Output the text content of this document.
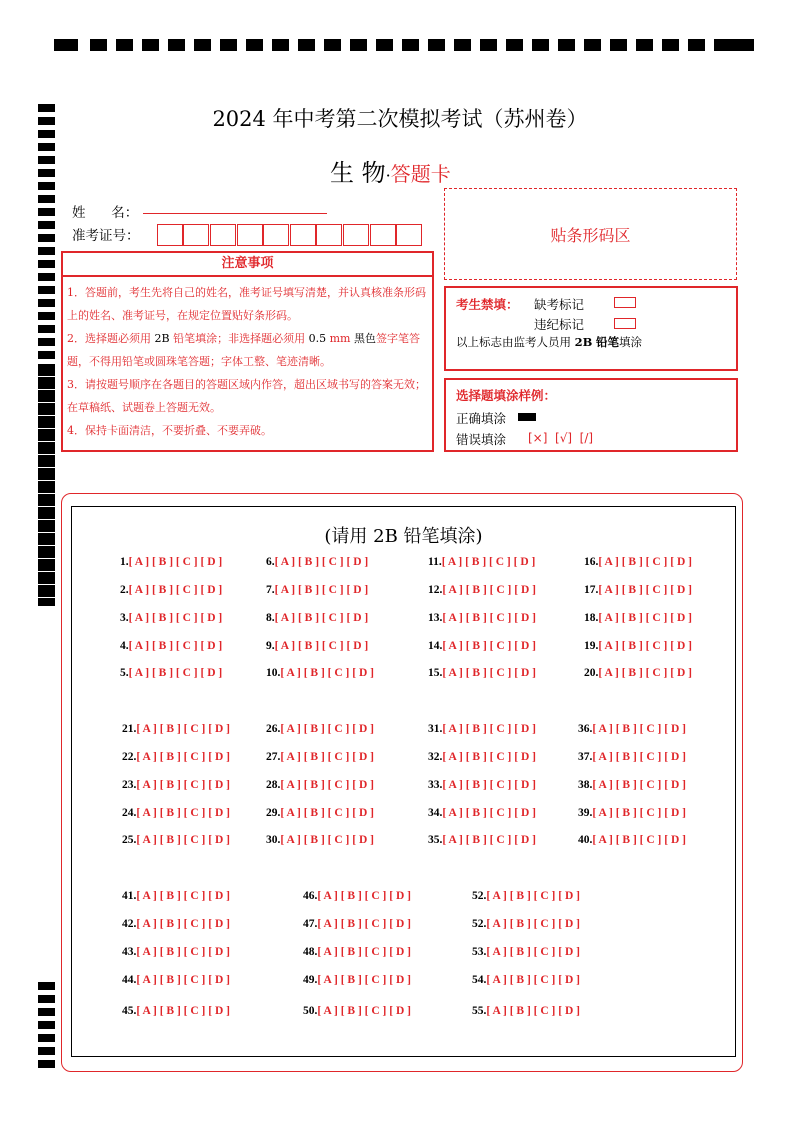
2024 年中考第二次模拟考试（苏州卷）
生 物·答题卡
姓      名：
准考证号：	贴条形码区
注意事项

1．答题前，考生先将自己的姓名，准考证号填写清楚，并认真核准条形码上的姓名、准考证号，在规定位置贴好条形码。

2．选择题必须用 2B 铅笔填涂；非选择题必须用 0.5 mm 黑色签字笔答题，不得用铅笔或圆珠笔答题；字体工整、笔迹清晰。

3．请按题号顺序在各题目的答题区域内作答，超出区域书写的答案无效；在草稿纸、试题卷上答题无效。

4．保持卡面清洁，不要折叠、不要弄破。

考生禁填： 缺考标记
违纪标记
以上标志由监考人员用 2B 铅笔填涂
选择题填涂样例：
正确填涂
错误填涂 [×]  [√]  [/]
(请用 2B 铅笔填涂)
1.[ A ] [ B ] [ C ] [ D ]
2.[ A ] [ B ] [ C ] [ D ]
3.[ A ] [ B ] [ C ] [ D ]
4.[ A ] [ B ] [ C ] [ D ]
5.[ A ] [ B ] [ C ] [ D ]
6.[ A ] [ B ] [ C ] [ D ]
7.[ A ] [ B ] [ C ] [ D ]
8.[ A ] [ B ] [ C ] [ D ]
9.[ A ] [ B ] [ C ] [ D ]
10.[ A ] [ B ] [ C ] [ D ]
11.[ A ] [ B ] [ C ] [ D ]
12.[ A ] [ B ] [ C ] [ D ]
13.[ A ] [ B ] [ C ] [ D ]
14.[ A ] [ B ] [ C ] [ D ]
15.[ A ] [ B ] [ C ] [ D ]
16.[ A ] [ B ] [ C ] [ D ]
17.[ A ] [ B ] [ C ] [ D ]
18.[ A ] [ B ] [ C ] [ D ]
19.[ A ] [ B ] [ C ] [ D ]
20.[ A ] [ B ] [ C ] [ D ]
21.[ A ] [ B ] [ C ] [ D ]
22.[ A ] [ B ] [ C ] [ D ]
23.[ A ] [ B ] [ C ] [ D ]
24.[ A ] [ B ] [ C ] [ D ]
25.[ A ] [ B ] [ C ] [ D ]
26.[ A ] [ B ] [ C ] [ D ]
27.[ A ] [ B ] [ C ] [ D ]
28.[ A ] [ B ] [ C ] [ D ]
29.[ A ] [ B ] [ C ] [ D ]
30.[ A ] [ B ] [ C ] [ D ]
31.[ A ] [ B ] [ C ] [ D ]
32.[ A ] [ B ] [ C ] [ D ]
33.[ A ] [ B ] [ C ] [ D ]
34.[ A ] [ B ] [ C ] [ D ]
35.[ A ] [ B ] [ C ] [ D ]
36.[ A ] [ B ] [ C ] [ D ]
37.[ A ] [ B ] [ C ] [ D ]
38.[ A ] [ B ] [ C ] [ D ]
39.[ A ] [ B ] [ C ] [ D ]
40.[ A ] [ B ] [ C ] [ D ]
41.[ A ] [ B ] [ C ] [ D ]
42.[ A ] [ B ] [ C ] [ D ]
43.[ A ] [ B ] [ C ] [ D ]
44.[ A ] [ B ] [ C ] [ D ]
45.[ A ] [ B ] [ C ] [ D ]
46.[ A ] [ B ] [ C ] [ D ]
47.[ A ] [ B ] [ C ] [ D ]
48.[ A ] [ B ] [ C ] [ D ]
49.[ A ] [ B ] [ C ] [ D ]
50.[ A ] [ B ] [ C ] [ D ]
52.[ A ] [ B ] [ C ] [ D ]
52.[ A ] [ B ] [ C ] [ D ]
53.[ A ] [ B ] [ C ] [ D ]
54.[ A ] [ B ] [ C ] [ D ]
55.[ A ] [ B ] [ C ] [ D ]
